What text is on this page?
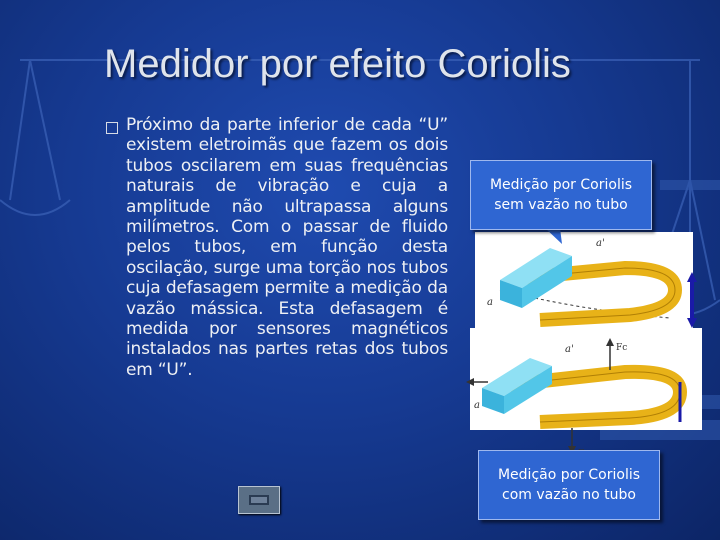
Medidor por efeito Coriolis
Próximo da parte inferior de cada “U” existem eletroimãs que fazem os dois tubos oscilarem em suas frequências naturais de vibração e cuja a amplitude não ultrapassa alguns milímetros. Com o passar de fluido pelos tubos, em função desta oscilação, surge uma torção nos tubos cuja defasagem permite a medição da vazão mássica. Esta defasagem é medida por sensores magnéticos instalados nas partes retas dos tubos em “U”.
a'
a
Fc
a'
a
Medição por Coriolis
sem vazão no tubo
Medição por Coriolis
com vazão no tubo
